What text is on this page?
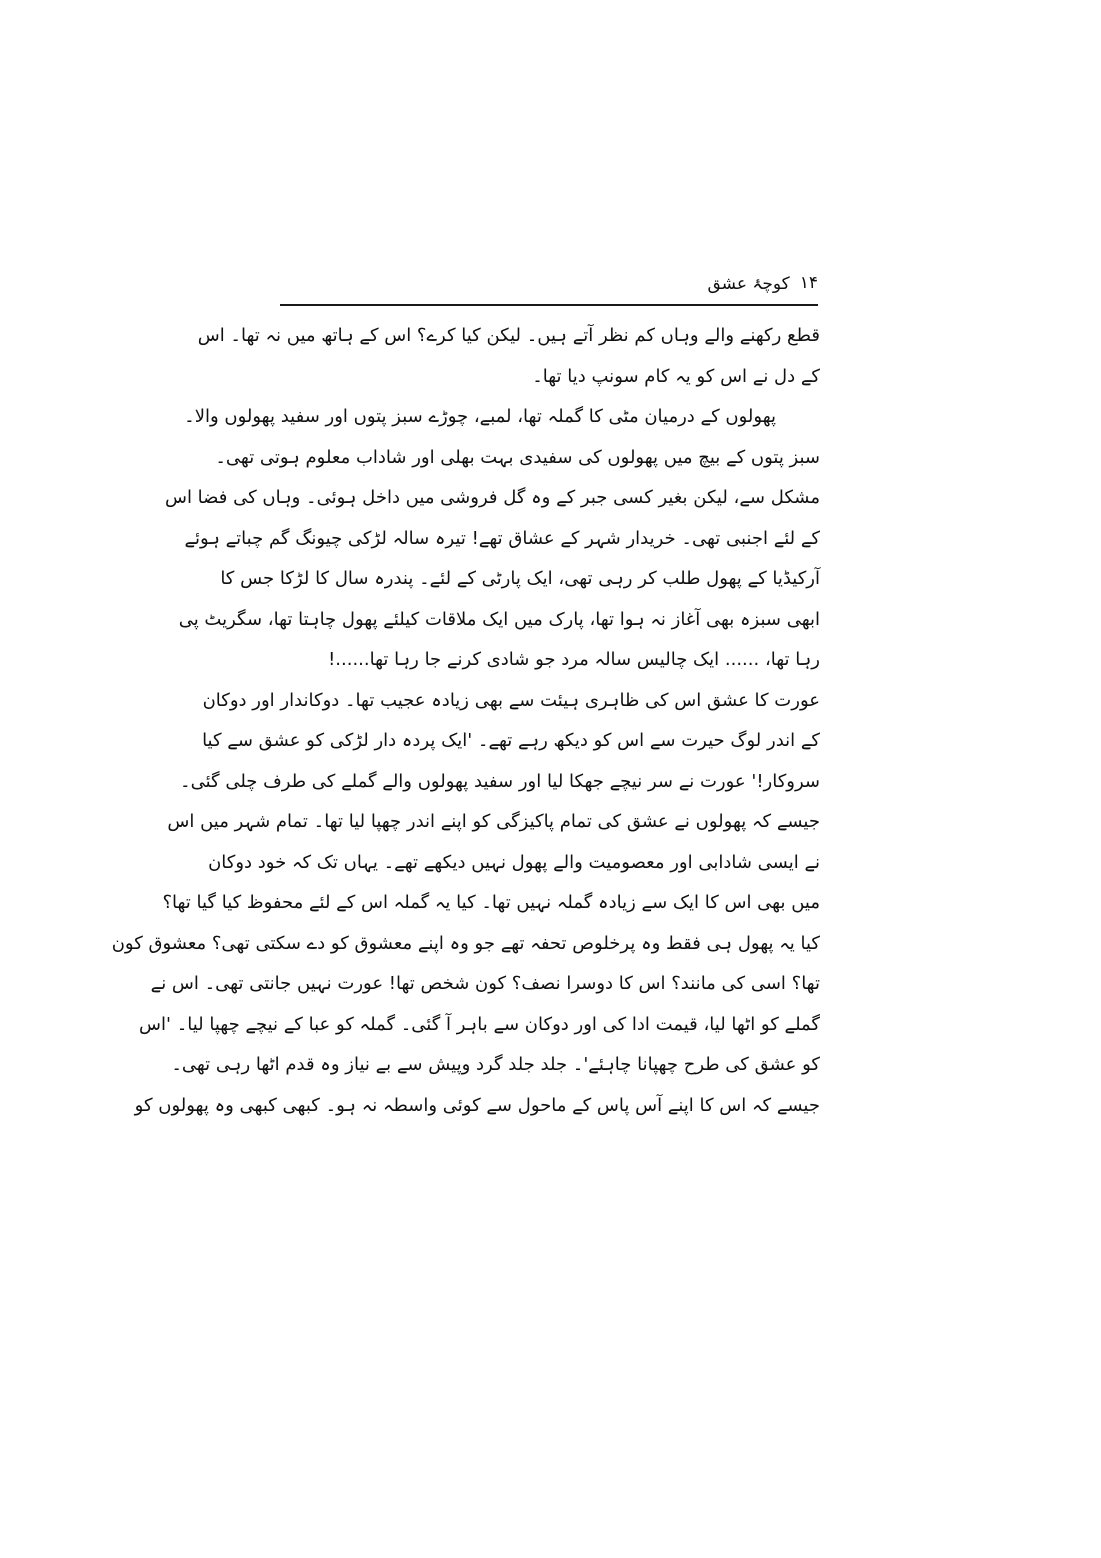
۱۴
کوچۂ عشق
قطع رکھنے والے وہاں کم نظر آتے ہیں۔ لیکن کیا کرے؟ اس کے ہاتھ میں نہ تھا۔ اس
کے دل نے اس کو یہ کام سونپ دیا تھا۔
پھولوں کے درمیان مٹی کا گملہ تھا، لمبے، چوڑے سبز پتوں اور سفید پھولوں والا۔
سبز پتوں کے بیچ میں پھولوں کی سفیدی بہت بھلی اور شاداب معلوم ہوتی تھی۔
مشکل سے، لیکن بغیر کسی جبر کے وہ گل فروشی میں داخل ہوئی۔ وہاں کی فضا اس
کے لئے اجنبی تھی۔ خریدار شہر کے عشاق تھے! تیرہ سالہ لڑکی چیونگ گم چباتے ہوئے
آرکیڈیا کے پھول طلب کر رہی تھی، ایک پارٹی کے لئے۔ پندرہ سال کا لڑکا جس کا
ابھی سبزہ بھی آغاز نہ ہوا تھا، پارک میں ایک ملاقات کیلئے پھول چاہتا تھا، سگریٹ پی
رہا تھا، ...... ایک چالیس سالہ مرد جو شادی کرنے جا رہا تھا......!
عورت کا عشق اس کی ظاہری ہیئت سے بھی زیادہ عجیب تھا۔ دوکاندار اور دوکان
کے اندر لوگ حیرت سے اس کو دیکھ رہے تھے۔ 'ایک پردہ دار لڑکی کو عشق سے کیا
سروکار!' عورت نے سر نیچے جھکا لیا اور سفید پھولوں والے گملے کی طرف چلی گئی۔
جیسے کہ پھولوں نے عشق کی تمام پاکیزگی کو اپنے اندر چھپا لیا تھا۔ تمام شہر میں اس
نے ایسی شادابی اور معصومیت والے پھول نہیں دیکھے تھے۔ یہاں تک کہ خود دوکان
میں بھی اس کا ایک سے زیادہ گملہ نہیں تھا۔ کیا یہ گملہ اس کے لئے محفوظ کیا گیا تھا؟
کیا یہ پھول ہی فقط وہ پرخلوص تحفہ تھے جو وہ اپنے معشوق کو دے سکتی تھی؟ معشوق کون
تھا؟ اسی کی مانند؟ اس کا دوسرا نصف؟ کون شخص تھا! عورت نہیں جانتی تھی۔ اس نے
گملے کو اٹھا لیا، قیمت ادا کی اور دوکان سے باہر آ گئی۔ گملہ کو عبا کے نیچے چھپا لیا۔ 'اس
کو عشق کی طرح چھپانا چاہئے'۔ جلد جلد گرد وپیش سے بے نیاز وہ قدم اٹھا رہی تھی۔
جیسے کہ اس کا اپنے آس پاس کے ماحول سے کوئی واسطہ نہ ہو۔ کبھی کبھی وہ پھولوں کو
